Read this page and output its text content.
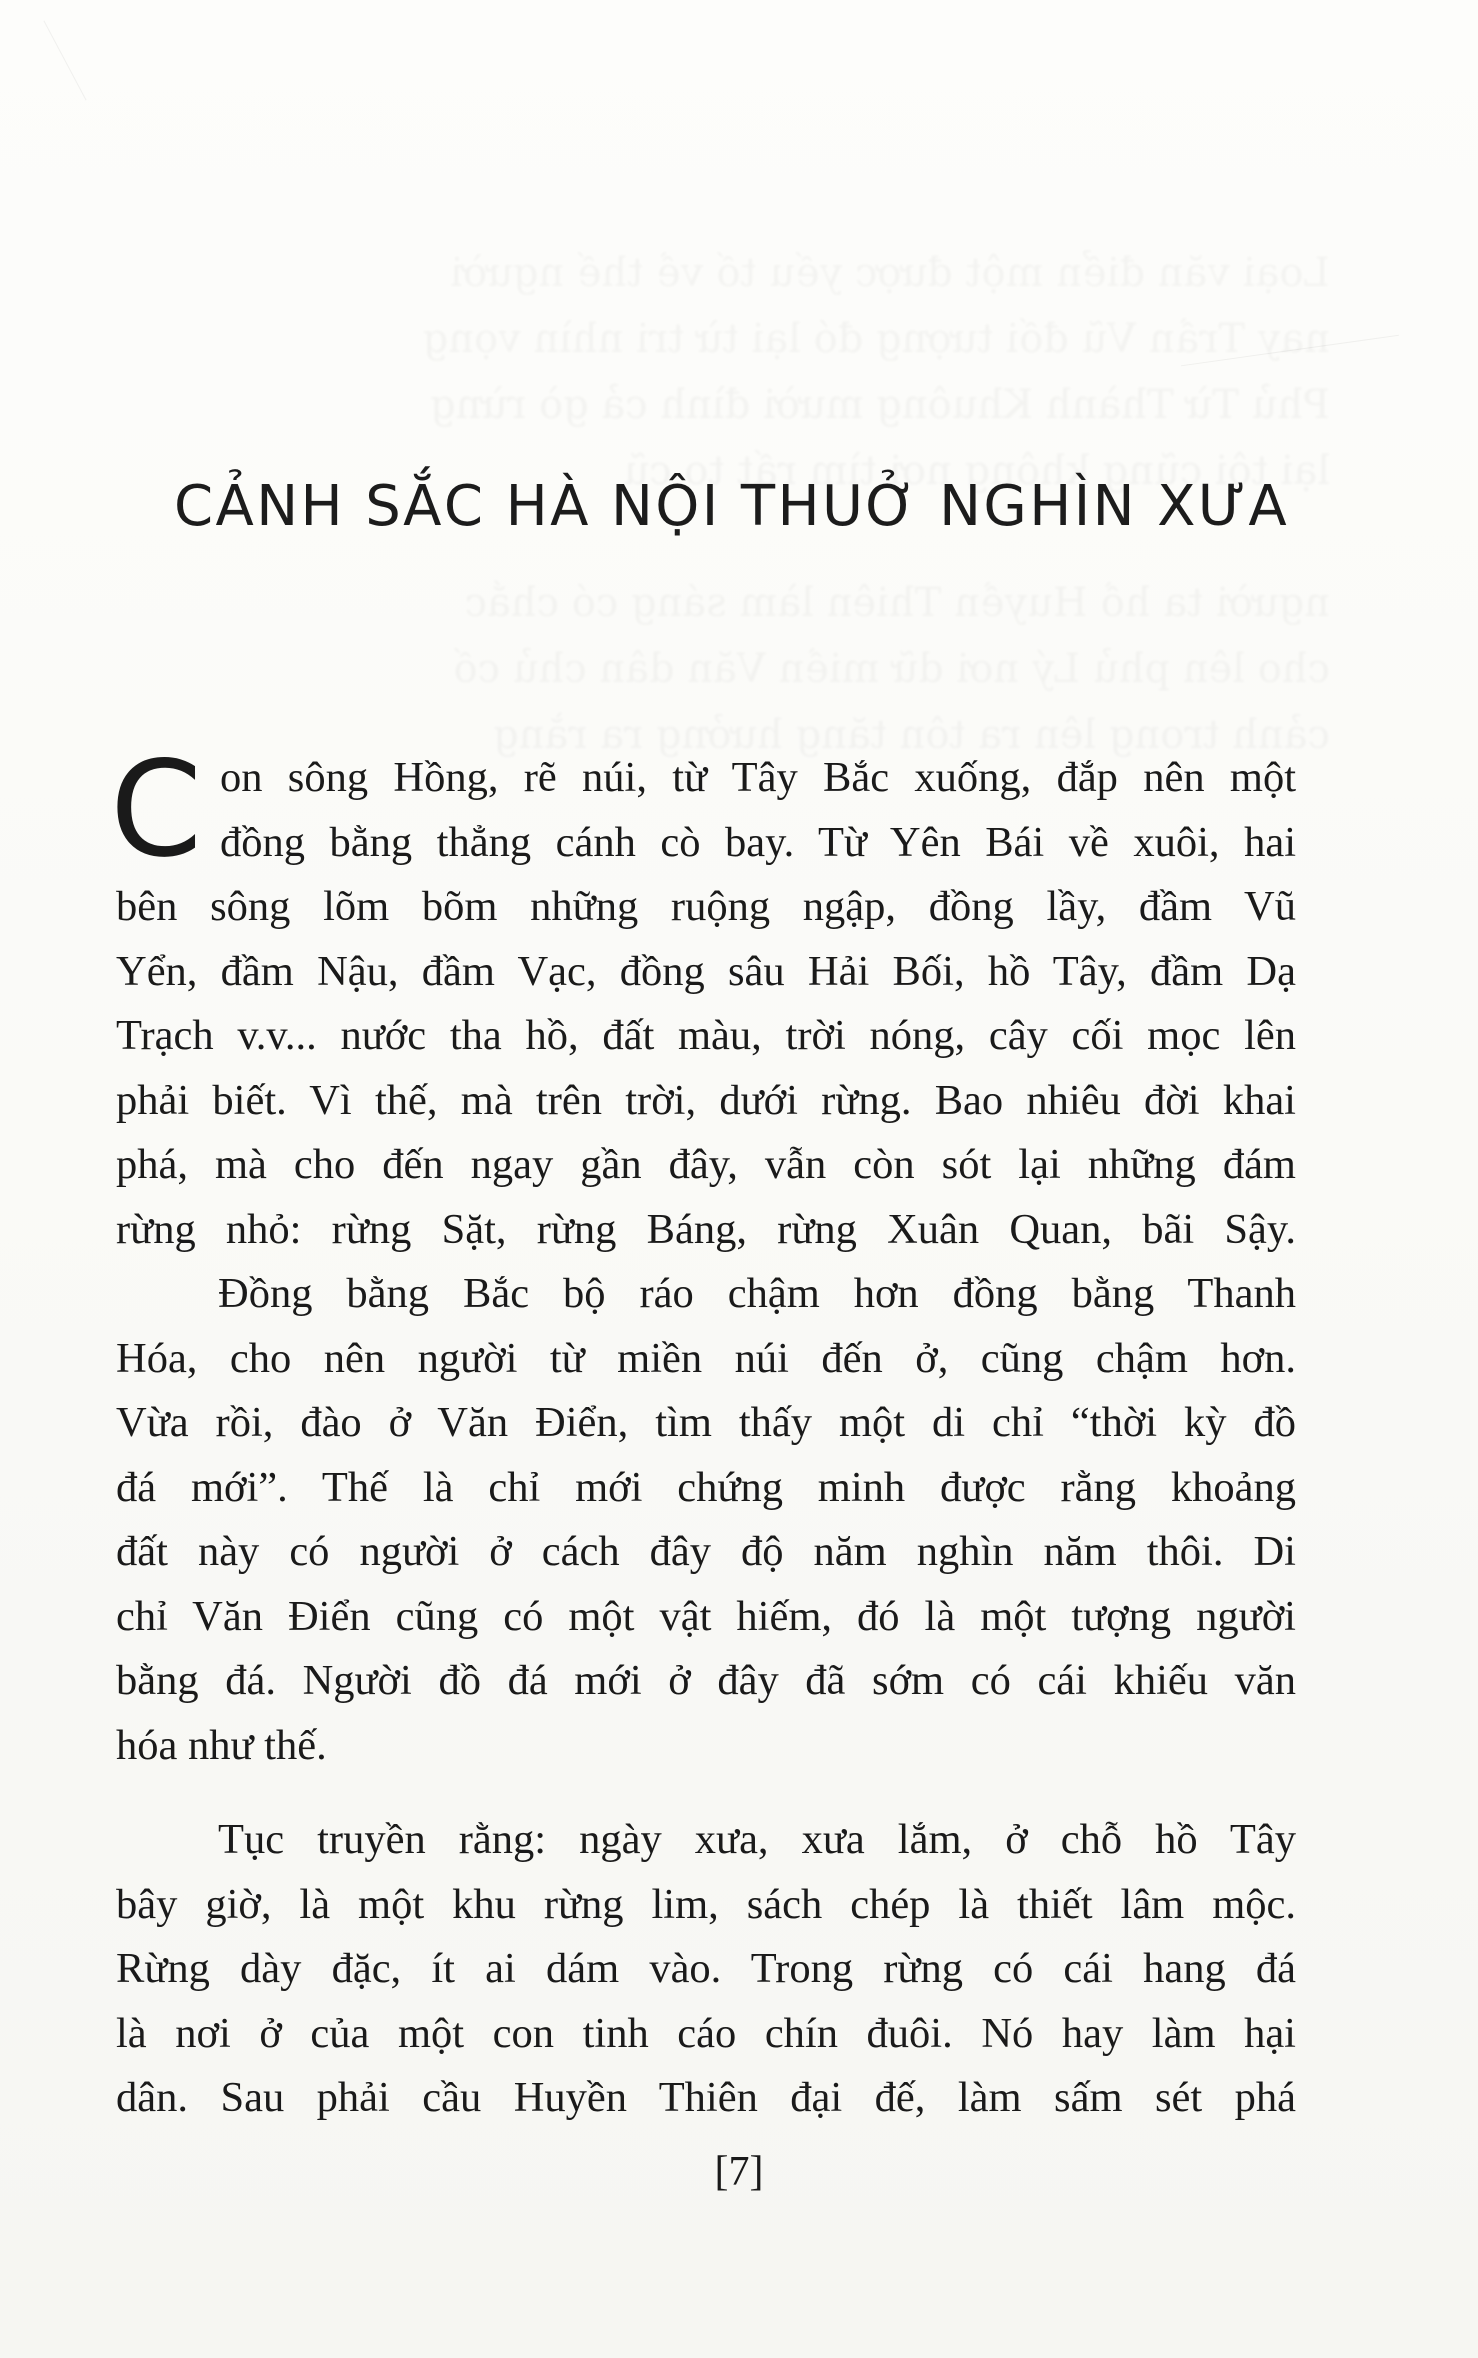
CẢNH SẮC HÀ NỘI THUỞ NGHÌN XƯA
C on sông Hồng, rẽ núi, từ Tây Bắc xuống, đắp nên một
đồng bằng thẳng cánh cò bay. Từ Yên Bái về xuôi, hai
bên sông lõm bõm những ruộng ngập, đồng lầy, đầm Vũ
Yển, đầm Nậu, đầm Vạc, đồng sâu Hải Bối, hồ Tây, đầm Dạ
Trạch v.v... nước tha hồ, đất màu, trời nóng, cây cối mọc lên
phải biết. Vì thế, mà trên trời, dưới rừng. Bao nhiêu đời khai
phá, mà cho đến ngay gần đây, vẫn còn sót lại những đám
rừng nhỏ: rừng Sặt, rừng Báng, rừng Xuân Quan, bãi Sậy.
Đồng bằng Bắc bộ ráo chậm hơn đồng bằng Thanh
Hóa, cho nên người từ miền núi đến ở, cũng chậm hơn.
Vừa rồi, đào ở Văn Điển, tìm thấy một di chỉ “thời kỳ đồ
đá mới”. Thế là chỉ mới chứng minh được rằng khoảng
đất này có người ở cách đây độ năm nghìn năm thôi. Di
chỉ Văn Điển cũng có một vật hiếm, đó là một tượng người
bằng đá. Người đồ đá mới ở đây đã sớm có cái khiếu văn
hóa như thế.
Tục truyền rằng: ngày xưa, xưa lắm, ở chỗ hồ Tây
bây giờ, là một khu rừng lim, sách chép là thiết lâm mộc.
Rừng dày đặc, ít ai dám vào. Trong rừng có cái hang đá
là nơi ở của một con tinh cáo chín đuôi. Nó hay làm hại
dân. Sau phải cầu Huyền Thiên đại đế, làm sấm sét phá
[7]
